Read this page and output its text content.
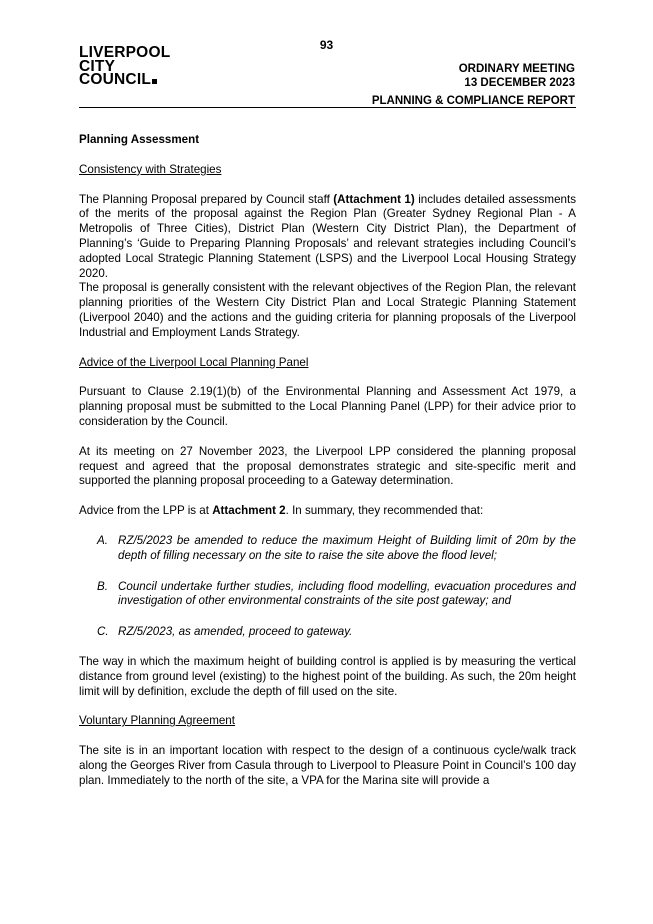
93
LIVERPOOL
CITY
COUNCIL
ORDINARY MEETING
13 DECEMBER 2023
PLANNING & COMPLIANCE REPORT

Planning Assessment

Consistency with Strategies

The Planning Proposal prepared by Council staff (Attachment 1) includes detailed assessments of the merits of the proposal against the Region Plan (Greater Sydney Regional Plan - A Metropolis of Three Cities), District Plan (Western City District Plan), the Department of Planning’s ‘Guide to Preparing Planning Proposals’ and relevant strategies including Council’s adopted Local Strategic Planning Statement (LSPS) and the Liverpool Local Housing Strategy 2020.

The proposal is generally consistent with the relevant objectives of the Region Plan, the relevant planning priorities of the Western City District Plan and Local Strategic Planning Statement (Liverpool 2040) and the actions and the guiding criteria for planning proposals of the Liverpool Industrial and Employment Lands Strategy.

Advice of the Liverpool Local Planning Panel

Pursuant to Clause 2.19(1)(b) of the Environmental Planning and Assessment Act 1979, a planning proposal must be submitted to the Local Planning Panel (LPP) for their advice prior to consideration by the Council.

At its meeting on 27 November 2023, the Liverpool LPP considered the planning proposal request and agreed that the proposal demonstrates strategic and site-specific merit and supported the planning proposal proceeding to a Gateway determination.

Advice from the LPP is at Attachment 2. In summary, they recommended that:

A. RZ/5/2023 be amended to reduce the maximum Height of Building limit of 20m by the depth of filling necessary on the site to raise the site above the flood level;
B. Council undertake further studies, including flood modelling, evacuation procedures and investigation of other environmental constraints of the site post gateway; and
C. RZ/5/2023, as amended, proceed to gateway.

The way in which the maximum height of building control is applied is by measuring the vertical distance from ground level (existing) to the highest point of the building. As such, the 20m height limit will by definition, exclude the depth of fill used on the site.

Voluntary Planning Agreement

The site is in an important location with respect to the design of a continuous cycle/walk track along the Georges River from Casula through to Liverpool to Pleasure Point in Council’s 100 day plan. Immediately to the north of the site, a VPA for the Marina site will provide a
